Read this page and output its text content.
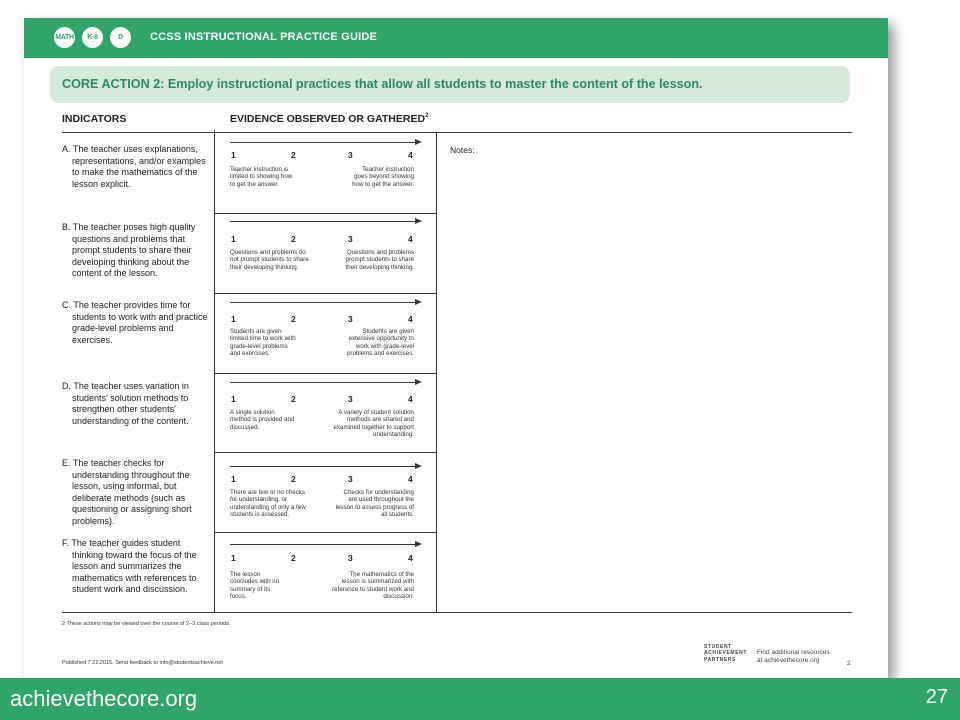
MATH	K-8	D	CCSS INSTRUCTIONAL PRACTICE GUIDE
CORE ACTION 2: Employ instructional practices that allow all students to master the content of the lesson.
INDICATORS	EVIDENCE OBSERVED OR GATHERED$^2$
Notes:
A. The teacher uses explanations, representations, and/or examples to make the mathematics of the lesson explicit.
1	2	3	4
Teacher instruction is limited to showing how to get the answer.
Teacher instruction goes beyond showing how to get the answer.
B. The teacher poses high quality questions and problems that prompt students to share their developing thinking about the content of the lesson.
1	2	3	4
Questions and problems do not prompt students to share their developing thinking.
Questions and problems prompt students to share their developing thinking.
C. The teacher provides time for students to work with and practice grade-level problems and exercises.
1	2	3	4
Students are given limited time to work with grade-level problems and exercises.
Students are given extensive opportunity to work with grade-level problems and exercises.
D. The teacher uses variation in students' solution methods to strengthen other students' understanding of the content.
1	2	3	4
A single solution method is provided and discussed.
A variety of student solution methods are shared and examined together to support understanding.
E. The teacher checks for understanding throughout the lesson, using informal, but deliberate methods (such as questioning or assigning short problems).
1	2	3	4
There are few or no checks for understanding, or understanding of only a few students is assessed.
Checks for understanding are used throughout the lesson to assess progress of all students.
F. The teacher guides student thinking toward the focus of the lesson and summarizes the mathematics with references to student work and discussion.
1	2	3	4
The lesson concludes with no summary of its focus.
The mathematics of the lesson is summarized with reference to student work and discussion.
2 These actions may be viewed over the course of 2–3 class periods.
Published 7.22.2015. Send feedback to info@studentsachieve.net
STUDENT
ACHIEVEMENT
PARTNERS
Find additional resources
at achievethecore.org	2
achievethecore.org	27
